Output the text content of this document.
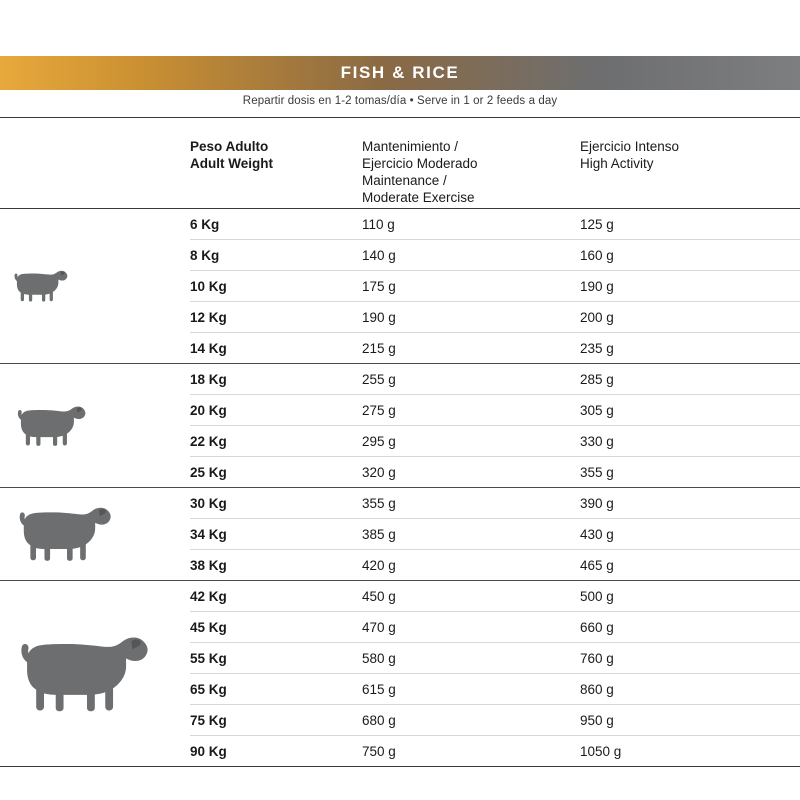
FISH & RICE
Repartir dosis en 1-2 tomas/día • Serve in 1 or 2 feeds a day

Peso Adulto
Adult Weight

Mantenimiento /
Ejercicio Moderado
Maintenance /
Moderate Exercise

Ejercicio Intenso
High Activity

	6 Kg	110 g	125 g
	8 Kg	140 g	160 g
	10 Kg	175 g	190 g
	12 Kg	190 g	200 g
	14 Kg	215 g	235 g

	18 Kg	255 g	285 g
	20 Kg	275 g	305 g
	22 Kg	295 g	330 g
	25 Kg	320 g	355 g

	30 Kg	355 g	390 g
	34 Kg	385 g	430 g
	38 Kg	420 g	465 g

	42 Kg	450 g	500 g
	45 Kg	470 g	660 g
	55 Kg	580 g	760 g
	65 Kg	615 g	860 g
	75 Kg	680 g	950 g
	90 Kg	750 g	1050 g
